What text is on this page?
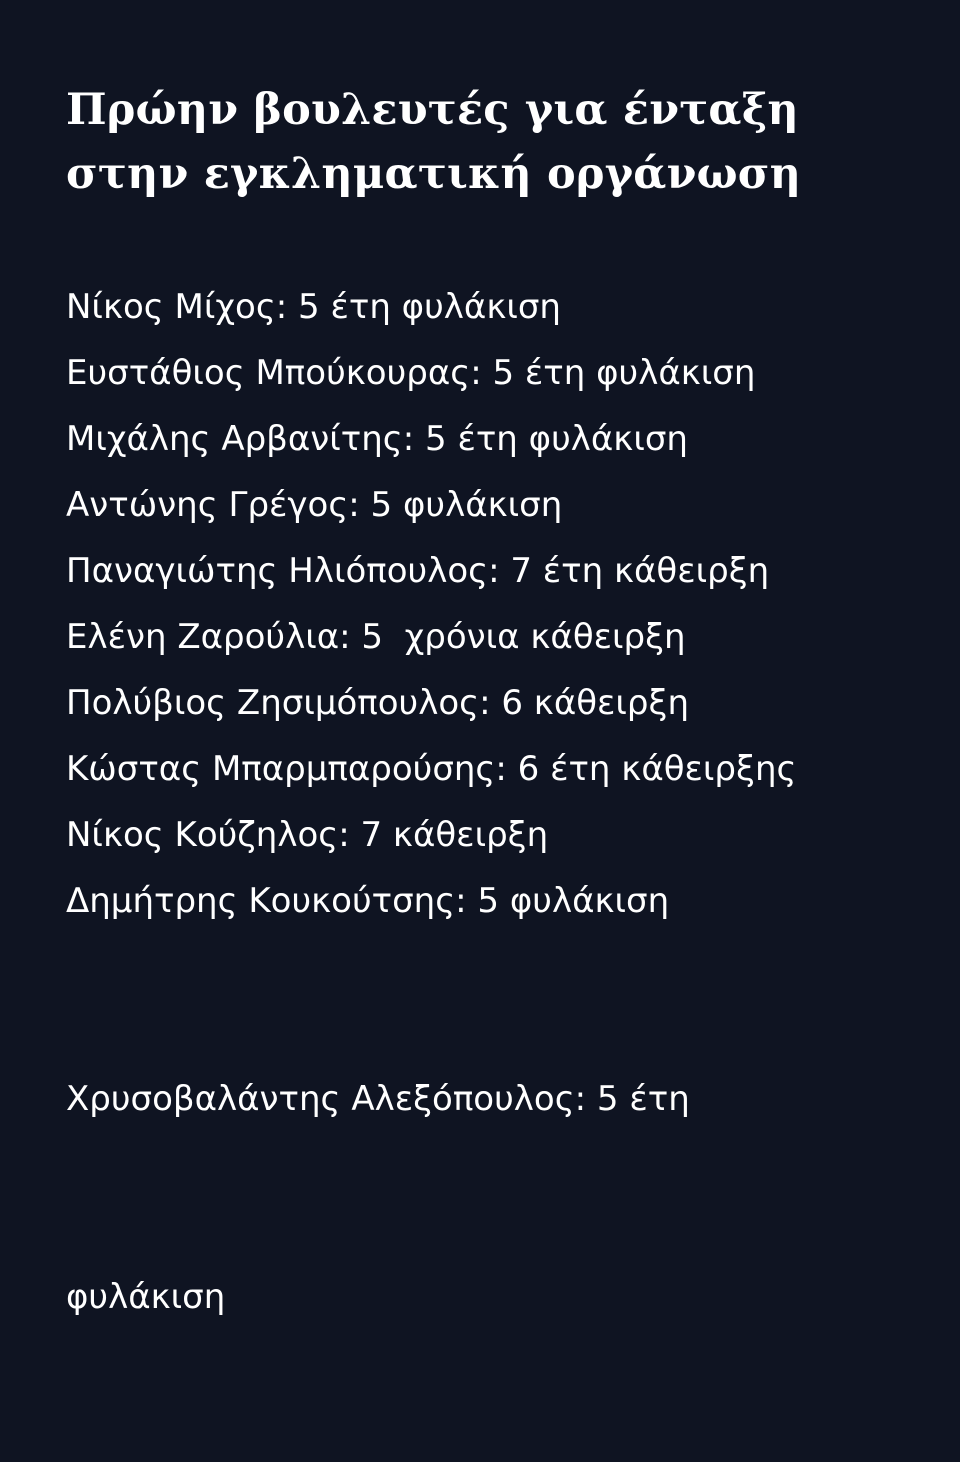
Πρώην βουλευτές για ένταξη
στην εγκληματική οργάνωση
Νίκος Μίχος: 5 έτη φυλάκιση
Ευστάθιος Μπούκουρας: 5 έτη φυλάκιση
Μιχάλης Αρβανίτης: 5 έτη φυλάκιση
Αντώνης Γρέγος: 5 φυλάκιση
Παναγιώτης Ηλιόπουλος: 7 έτη κάθειρξη
Ελένη Ζαρούλια: 5  χρόνια κάθειρξη
Πολύβιος Ζησιμόπουλος: 6 κάθειρξη
Κώστας Μπαρμπαρούσης: 6 έτη κάθειρξης
Νίκος Κούζηλος: 7 κάθειρξη
Δημήτρης Κουκούτσης: 5 φυλάκιση

Χρυσοβαλάντης Αλεξόπουλος: 5 έτη

φυλάκιση
